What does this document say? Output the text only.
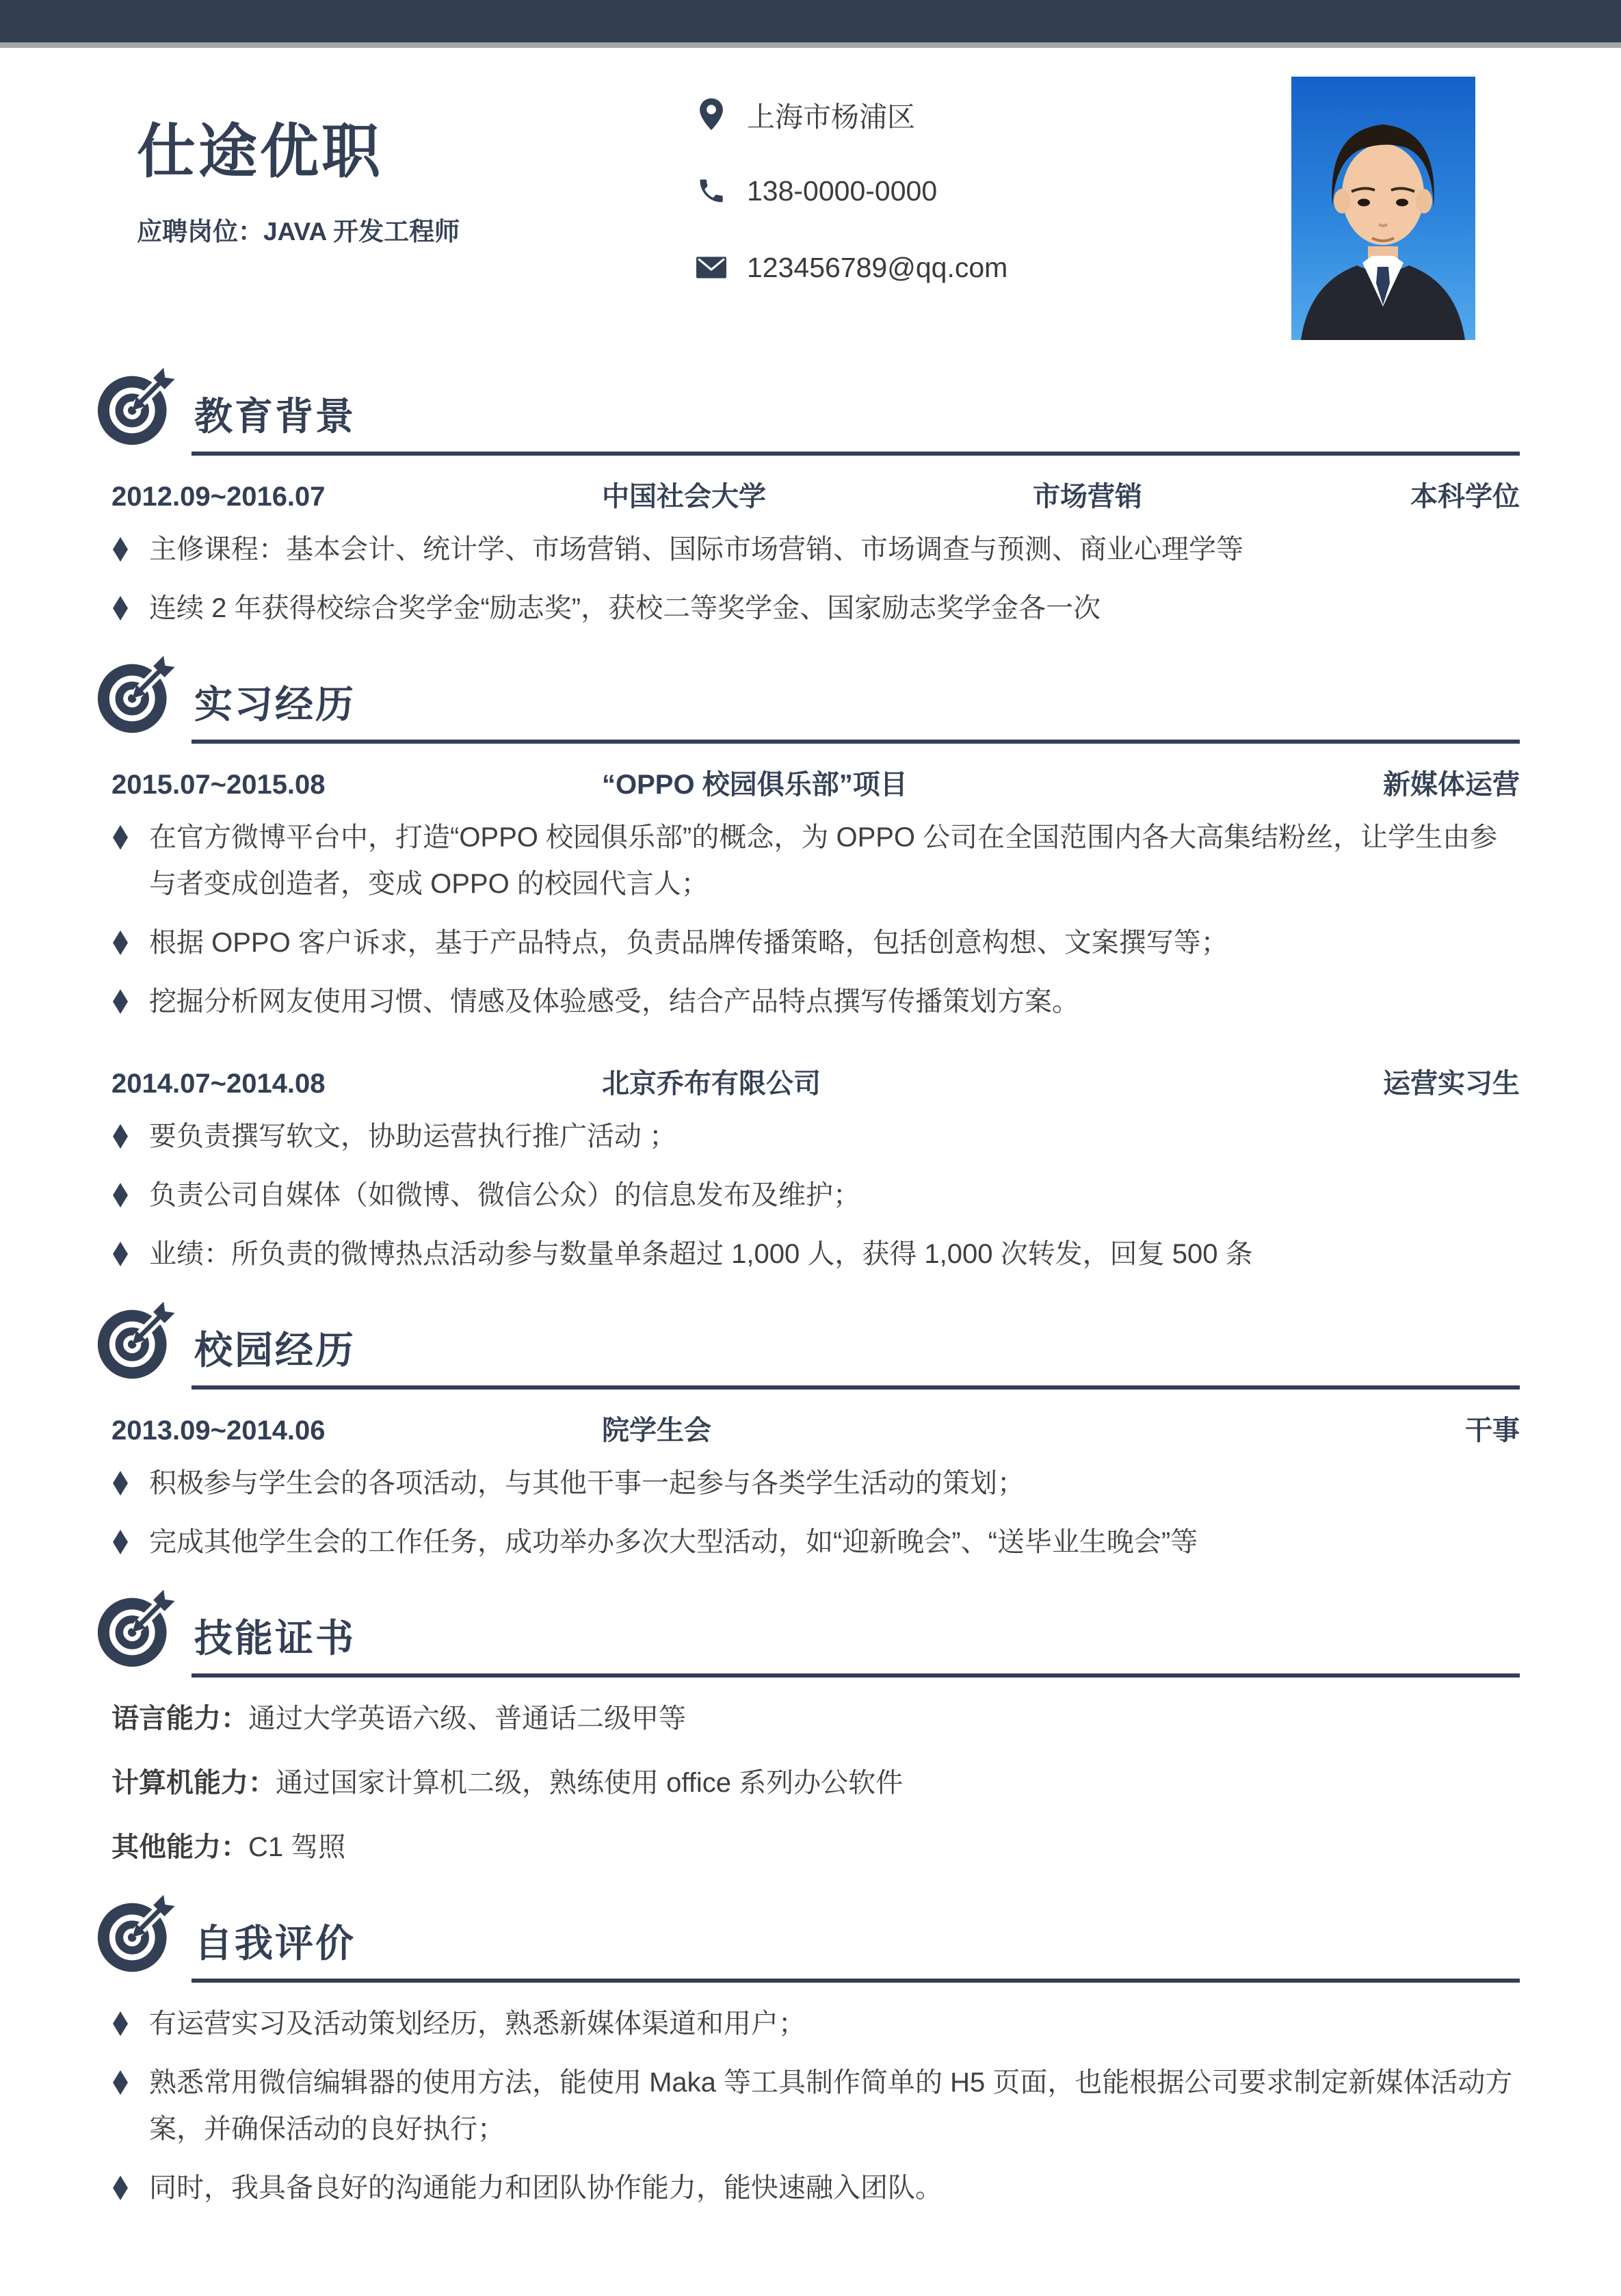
仕途优职
应聘岗位：JAVA 开发工程师
上海市杨浦区
138-0000-0000
123456789@qq.com
教育背景
2012.09~2016.07	中国社会大学	市场营销	本科学位
主修课程：基本会计、统计学、市场营销、国际市场营销、市场调查与预测、商业心理学等
连续 2 年获得校综合奖学金“励志奖”，获校二等奖学金、国家励志奖学金各一次
实习经历
2015.07~2015.08	“OPPO 校园俱乐部”项目	新媒体运营
在官方微博平台中，打造“OPPO 校园俱乐部”的概念，为 OPPO 公司在全国范围内各大高集结粉丝，让学生由参与者变成创造者，变成 OPPO 的校园代言人；
根据 OPPO 客户诉求，基于产品特点，负责品牌传播策略，包括创意构想、文案撰写等；
挖掘分析网友使用习惯、情感及体验感受，结合产品特点撰写传播策划方案。
2014.07~2014.08	北京乔布有限公司	运营实习生
要负责撰写软文，协助运营执行推广活动 ；
负责公司自媒体（如微博、微信公众）的信息发布及维护；
业绩：所负责的微博热点活动参与数量单条超过 1,000 人，获得 1,000 次转发，回复 500 条
校园经历
2013.09~2014.06	院学生会	干事
积极参与学生会的各项活动，与其他干事一起参与各类学生活动的策划；
完成其他学生会的工作任务，成功举办多次大型活动，如“迎新晚会”、“送毕业生晚会”等
技能证书
语言能力：通过大学英语六级、普通话二级甲等
计算机能力：通过国家计算机二级，熟练使用 office 系列办公软件
其他能力：C1 驾照
自我评价
有运营实习及活动策划经历，熟悉新媒体渠道和用户；
熟悉常用微信编辑器的使用方法，能使用 Maka 等工具制作简单的 H5 页面，也能根据公司要求制定新媒体活动方案，并确保活动的良好执行；
同时，我具备良好的沟通能力和团队协作能力，能快速融入团队。
